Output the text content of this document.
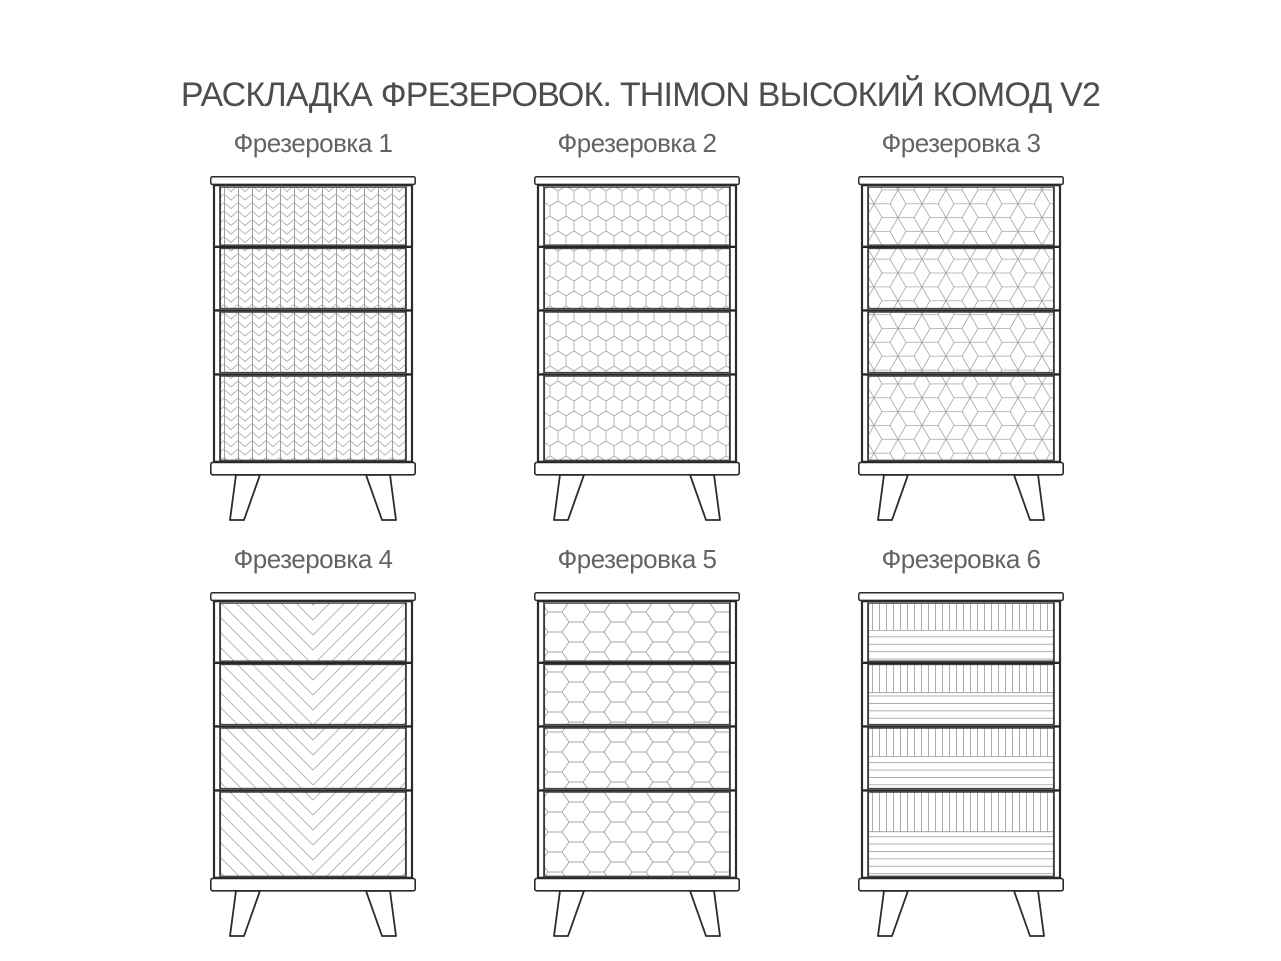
РАСКЛАДКА ФРЕЗЕРОВОК. THIMON ВЫСОКИЙ КОМОД V2
Фрезеровка 1	Фрезеровка 2	Фрезеровка 3
Фрезеровка 4	Фрезеровка 5	Фрезеровка 6
